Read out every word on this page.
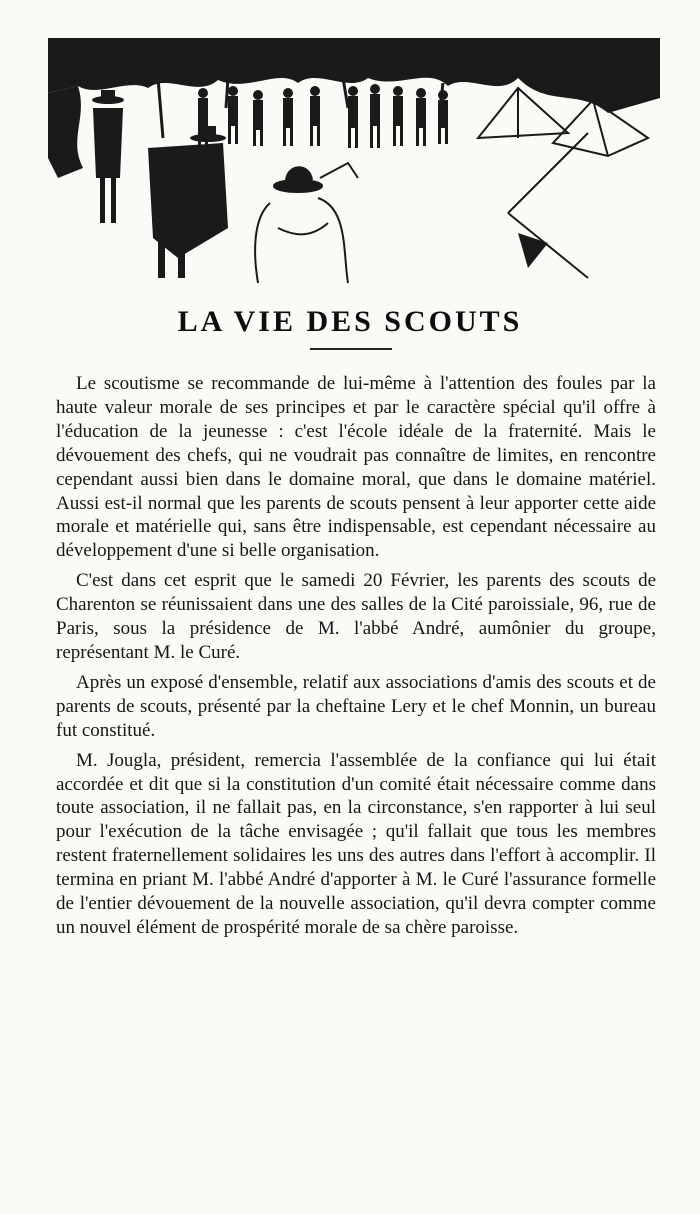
LA VIE DES SCOUTS

Le scoutisme se recommande de lui-même à l'attention des foules par la haute valeur morale de ses principes et par le caractère spécial qu'il offre à l'éducation de la jeunesse : c'est l'école idéale de la fraternité. Mais le dévouement des chefs, qui ne voudrait pas connaître de limites, en rencontre cependant aussi bien dans le domaine moral, que dans le domaine matériel. Aussi est-il normal que les parents de scouts pensent à leur apporter cette aide morale et matérielle qui, sans être indispensable, est cependant nécessaire au développement d'une si belle organisation.

C'est dans cet esprit que le samedi 20 Février, les parents des scouts de Charenton se réunissaient dans une des salles de la Cité paroissiale, 96, rue de Paris, sous la présidence de M. l'abbé André, aumônier du groupe, représentant M. le Curé.

Après un exposé d'ensemble, relatif aux associations d'amis des scouts et de parents de scouts, présenté par la cheftaine Lery et le chef Monnin, un bureau fut constitué.

M. Jougla, président, remercia l'assemblée de la confiance qui lui était accordée et dit que si la constitution d'un comité était nécessaire comme dans toute association, il ne fallait pas, en la circonstance, s'en rapporter à lui seul pour l'exécution de la tâche envisagée ; qu'il fallait que tous les membres restent fraternellement solidaires les uns des autres dans l'effort à accomplir. Il termina en priant M. l'abbé André d'apporter à M. le Curé l'assurance formelle de l'entier dévouement de la nouvelle association, qu'il devra compter comme un nouvel élément de prospérité morale de sa chère paroisse.
